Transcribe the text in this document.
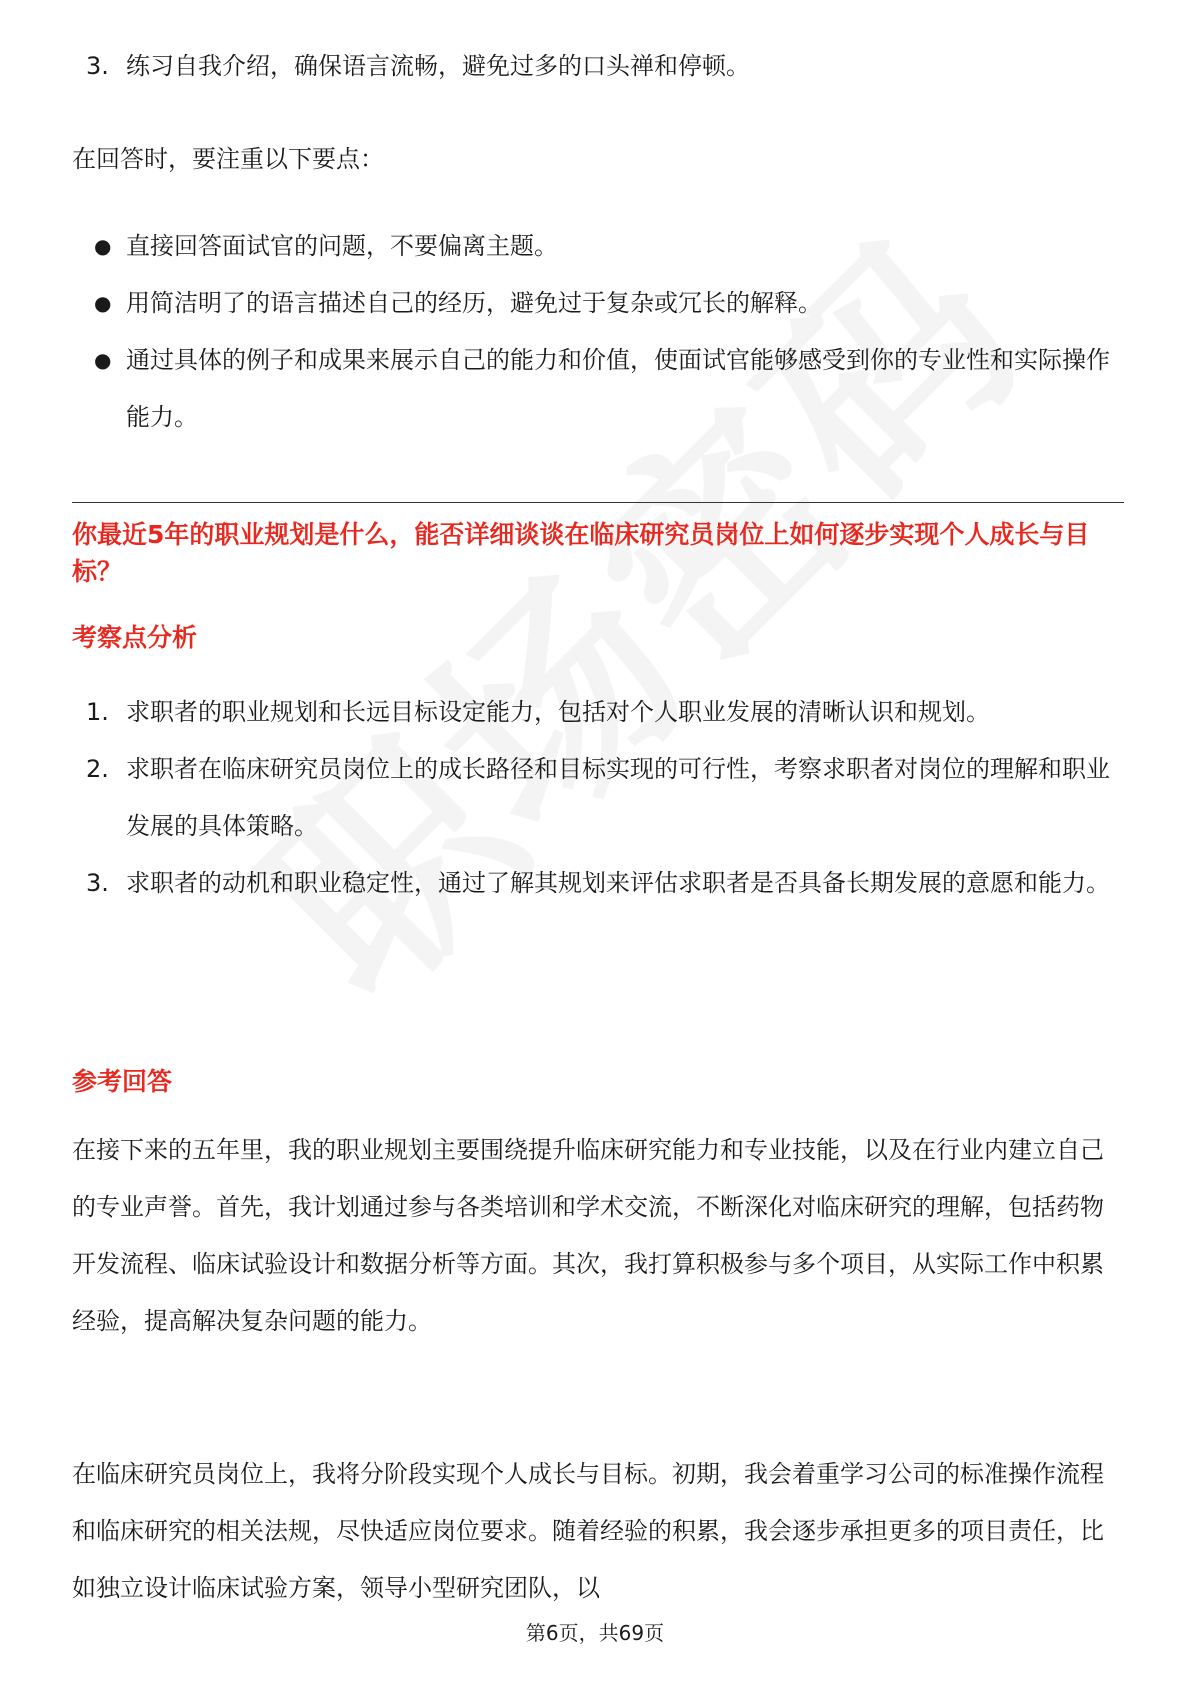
3. 练习自我介绍，确保语言流畅，避免过多的口头禅和停顿。

在回答时，要注重以下要点：

● 直接回答面试官的问题，不要偏离主题。
● 用简洁明了的语言描述自己的经历，避免过于复杂或冗长的解释。
● 通过具体的例子和成果来展示自己的能力和价值，使面试官能够感受到你的专业性和实际操作能力。
你最近5年的职业规划是什么，能否详细谈谈在临床研究员岗位上如何逐步实现个人成长与目标？
考察点分析
1. 求职者的职业规划和长远目标设定能力，包括对个人职业发展的清晰认识和规划。
2. 求职者在临床研究员岗位上的成长路径和目标实现的可行性，考察求职者对岗位的理解和职业发展的具体策略。
3. 求职者的动机和职业稳定性，通过了解其规划来评估求职者是否具备长期发展的意愿和能力。
参考回答

在接下来的五年里，我的职业规划主要围绕提升临床研究能力和专业技能，以及在行业内建立自己的专业声誉。首先，我计划通过参与各类培训和学术交流，不断深化对临床研究的理解，包括药物开发流程、临床试验设计和数据分析等方面。其次，我打算积极参与多个项目，从实际工作中积累经验，提高解决复杂问题的能力。

在临床研究员岗位上，我将分阶段实现个人成长与目标。初期，我会着重学习公司的标准操作流程和临床研究的相关法规，尽快适应岗位要求。随着经验的积累，我会逐步承担更多的项目责任，比如独立设计临床试验方案，领导小型研究团队，以

第6页，共69页
